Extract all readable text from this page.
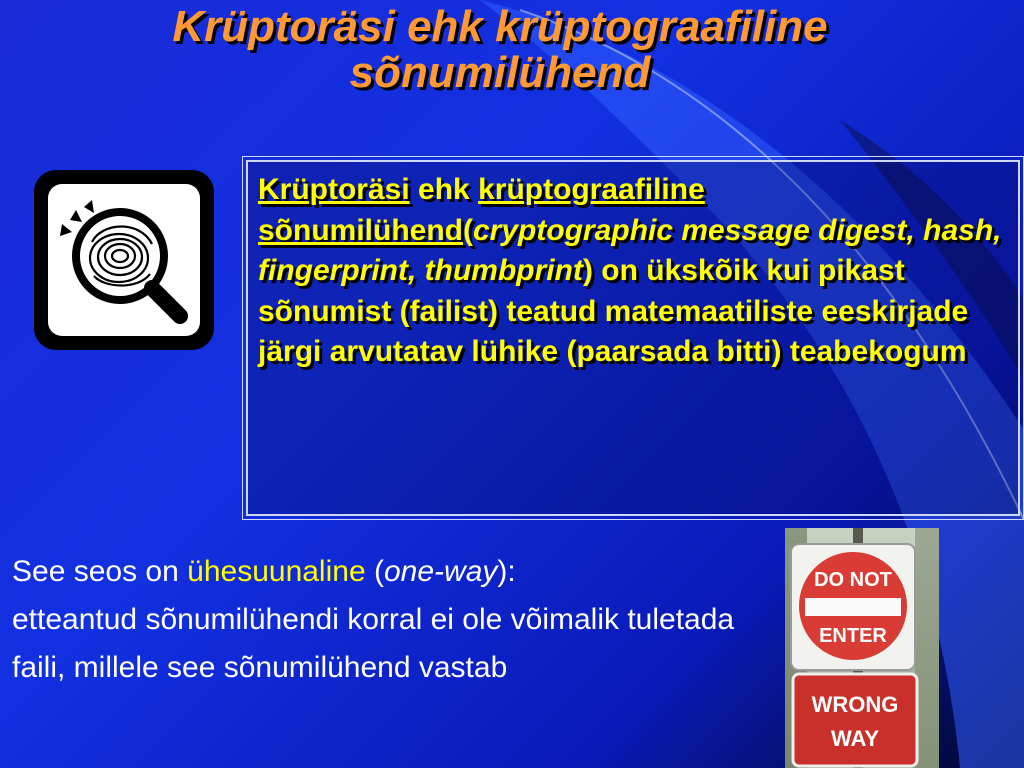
Krüptoräsi ehk krüptograafiline
sõnumilühend
Krüptoräsi ehk krüptograafiline sõnumilühend(cryptographic message digest, hash, fingerprint, thumbprint) on ükskõik kui pikast sõnumist (failist) teatud matemaatiliste eeskirjade järgi arvutatav lühike (paarsada bitti) teabekogum
See seos on ühesuunaline (one-way):
etteantud sõnumilühendi korral ei ole võimalik tuletada faili, millele see sõnumilühend vastab
DO NOT
ENTER
WRONG
WAY
